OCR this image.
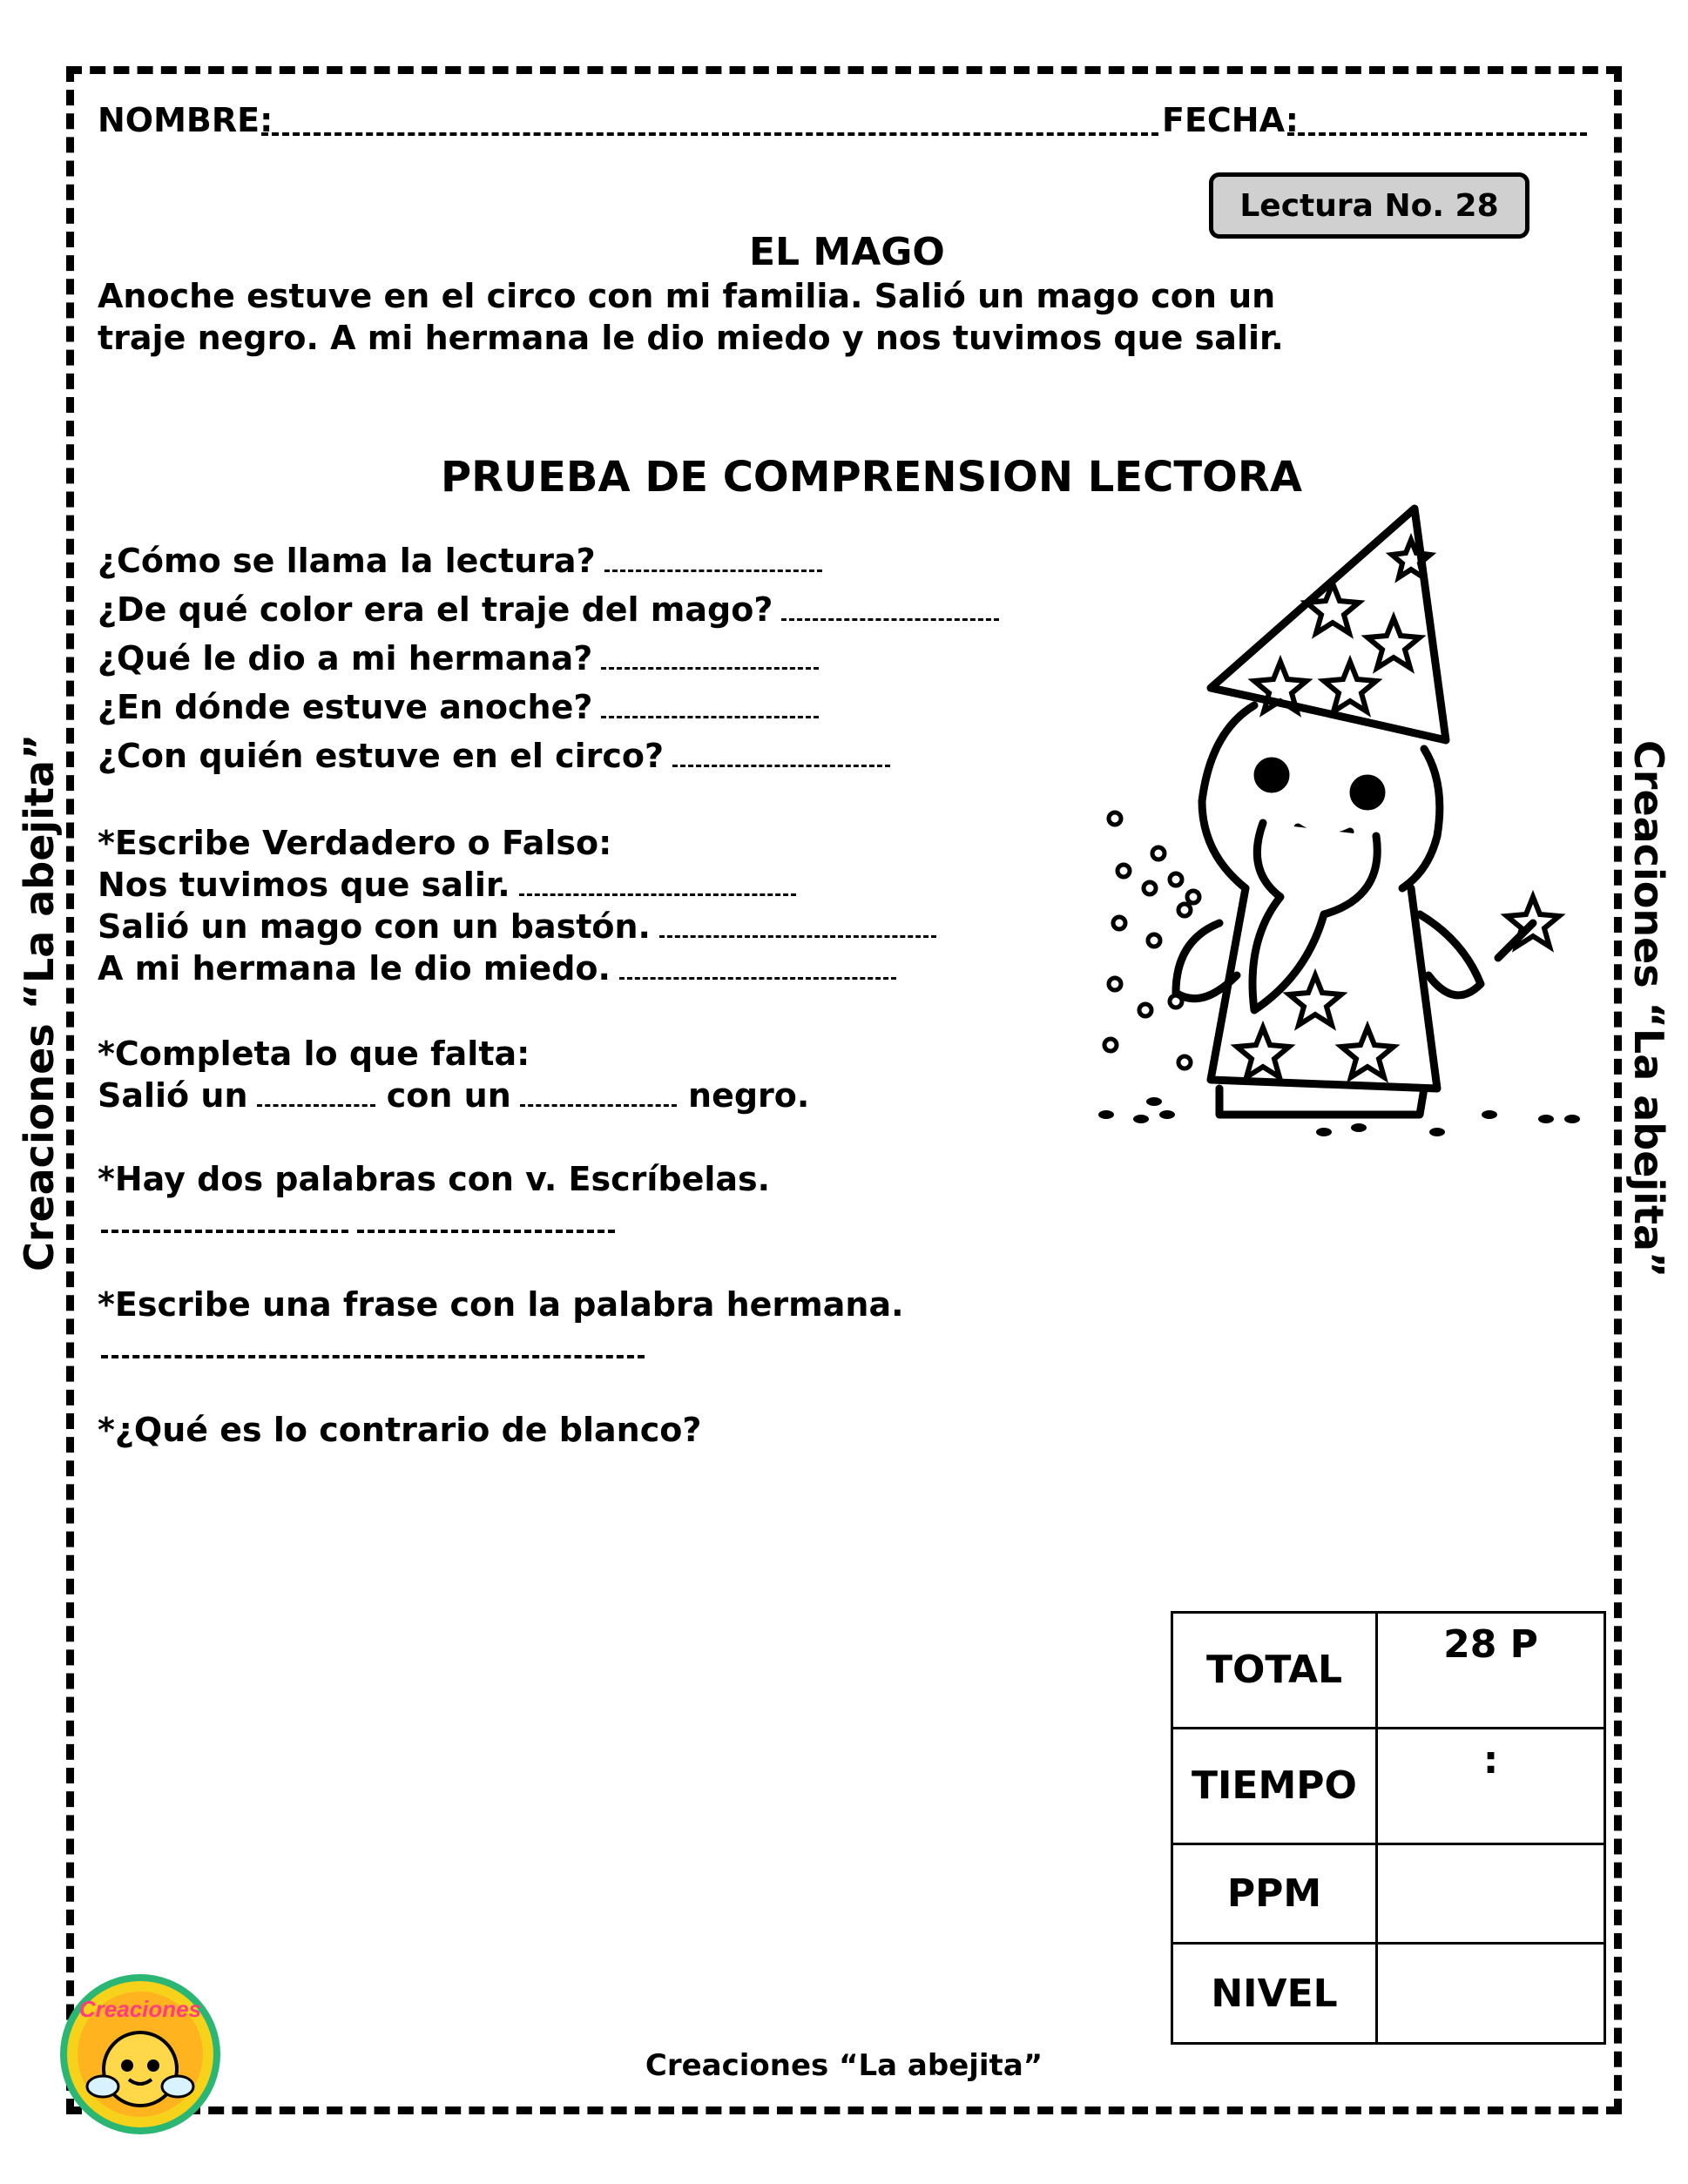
NOMBRE:	FECHA:
Lectura No. 28
EL MAGO
Anoche estuve en el circo con mi familia. Salió un mago con un
traje negro. A mi hermana le dio miedo y nos tuvimos que salir.
PRUEBA DE COMPRENSION LECTORA
¿Cómo se llama la lectura?
¿De qué color era el traje del mago?
¿Qué le dio a mi hermana?
¿En dónde estuve anoche?
¿Con quién estuve en el circo?
*Escribe Verdadero o Falso:
Nos tuvimos que salir.
Salió un mago con un bastón.
A mi hermana le dio miedo.
*Completa lo que falta:
Salió un	con un	negro.
*Hay dos palabras con v. Escríbelas.
*Escribe una frase con la palabra hermana.
*¿Qué es lo contrario de blanco?
Creaciones “La abejita”	Creaciones “La abejita”
TOTAL	28 P
TIEMPO	:
PPM	
NIVEL	
Creaciones
Creaciones “La abejita”
